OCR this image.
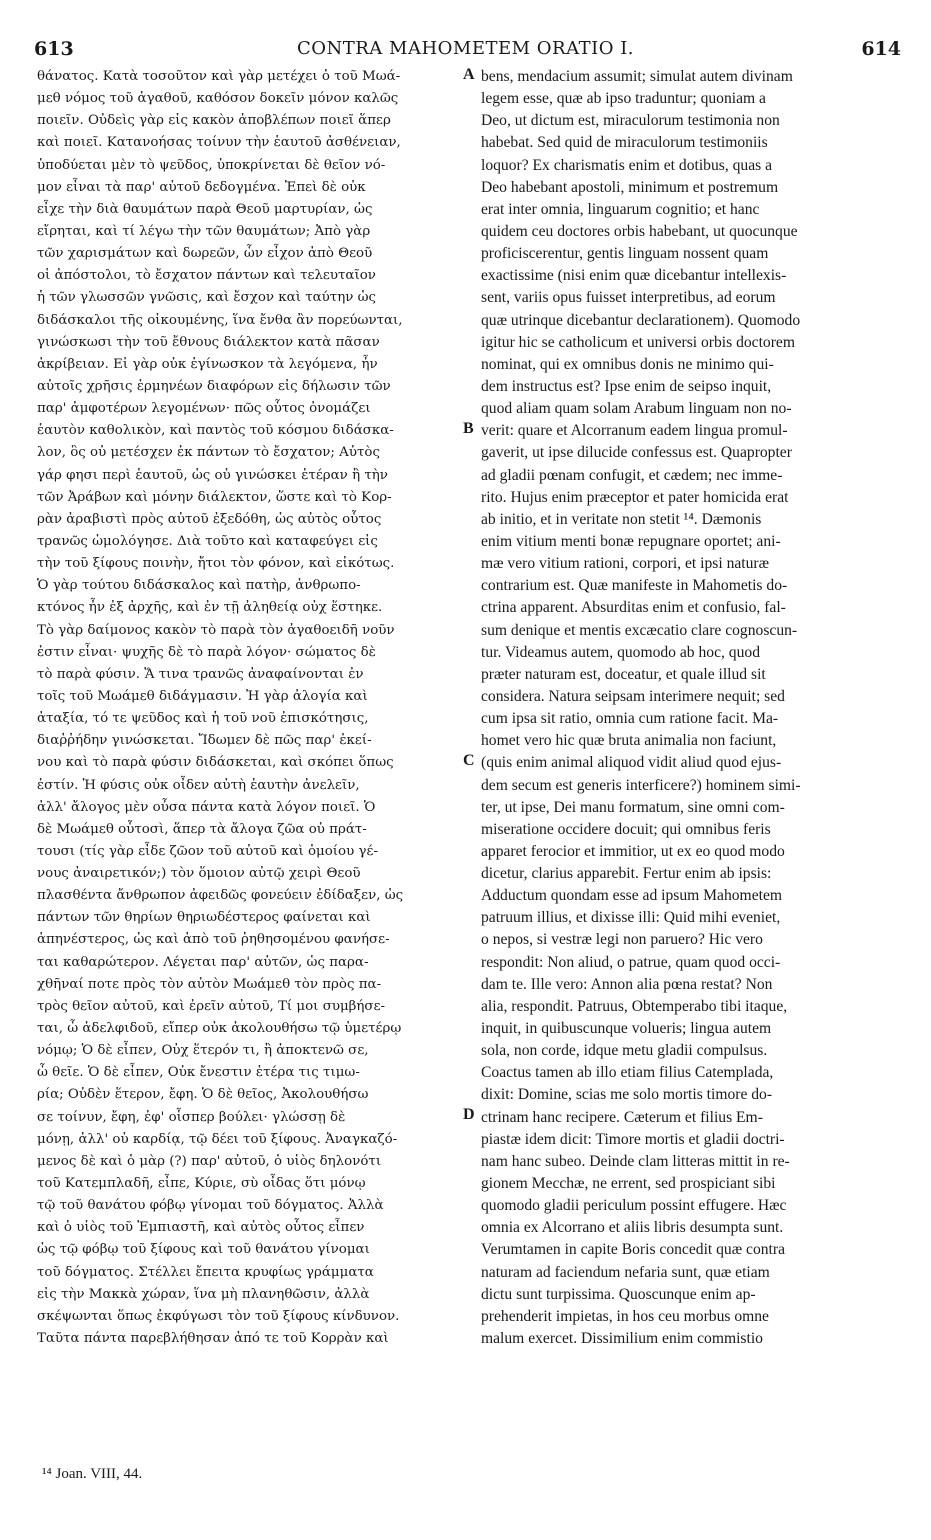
613	CONTRA MAHOMETEM ORATIO I.	614
θάνατος. Κατὰ τοσοῦτον καὶ γὰρ μετέχει ὁ τοῦ Μωά-
μεθ νόμος τοῦ ἀγαθοῦ, καθόσον δοκεῖν μόνον καλῶς
ποιεῖν. Οὐδεὶς γὰρ εἰς κακὸν ἀποβλέπων ποιεῖ ἅπερ
καὶ ποιεῖ. Κατανοήσας τοίνυν τὴν ἑαυτοῦ ἀσθένειαν,
ὑποδύεται μὲν τὸ ψεῦδος, ὑποκρίνεται δὲ θεῖον νό-
μον εἶναι τὰ παρ' αὐτοῦ δεδογμένα. Ἐπεὶ δὲ οὐκ
εἶχε τὴν διὰ θαυμάτων παρὰ Θεοῦ μαρτυρίαν, ὡς
εἴρηται, καὶ τί λέγω τὴν τῶν θαυμάτων; Ἀπὸ γὰρ
τῶν χαρισμάτων καὶ δωρεῶν, ὧν εἶχον ἀπὸ Θεοῦ
οἱ ἀπόστολοι, τὸ ἔσχατον πάντων καὶ τελευταῖον
ἡ τῶν γλωσσῶν γνῶσις, καὶ ἔσχον καὶ ταύτην ὡς
διδάσκαλοι τῆς οἰκουμένης, ἵνα ἔνθα ἂν πορεύωνται,
γινώσκωσι τὴν τοῦ ἔθνους διάλεκτον κατὰ πᾶσαν
ἀκρίβειαν. Εἰ γὰρ οὐκ ἐγίνωσκον τὰ λεγόμενα, ἦν
αὐτοῖς χρῆσις ἑρμηνέων διαφόρων εἰς δήλωσιν τῶν
παρ' ἀμφοτέρων λεγομένων· πῶς οὗτος ὀνομάζει
ἑαυτὸν καθολικὸν, καὶ παντὸς τοῦ κόσμου διδάσκα-
λον, ὃς οὐ μετέσχεν ἐκ πάντων τὸ ἔσχατον; Αὐτὸς
γάρ φησι περὶ ἑαυτοῦ, ὡς οὐ γινώσκει ἑτέραν ἢ τὴν
τῶν Ἀράβων καὶ μόνην διάλεκτον, ὥστε καὶ τὸ Κορ-
ρὰν ἀραβιστὶ πρὸς αὐτοῦ ἐξεδόθη, ὡς αὐτὸς οὗτος
τρανῶς ὡμολόγησε. Διὰ τοῦτο καὶ καταφεύγει εἰς
τὴν τοῦ ξίφους ποινὴν, ἤτοι τὸν φόνον, καὶ εἰκότως.
Ὁ γὰρ τούτου διδάσκαλος καὶ πατὴρ, ἀνθρωπο-
κτόνος ἦν ἐξ ἀρχῆς, καὶ ἐν τῇ ἀληθείᾳ οὐχ ἕστηκε.
Τὸ γὰρ δαίμονος κακὸν τὸ παρὰ τὸν ἀγαθοειδῆ νοῦν
ἐστιν εἶναι· ψυχῆς δὲ τὸ παρὰ λόγον· σώματος δὲ
τὸ παρὰ φύσιν. Ἅ τινα τρανῶς ἀναφαίνονται ἐν
τοῖς τοῦ Μωάμεθ διδάγμασιν. Ἡ γὰρ ἀλογία καὶ
ἀταξία, τό τε ψεῦδος καὶ ἡ τοῦ νοῦ ἐπισκότησις,
διαῤῥήδην γινώσκεται. Ἴδωμεν δὲ πῶς παρ' ἐκεί-
νου καὶ τὸ παρὰ φύσιν διδάσκεται, καὶ σκόπει ὅπως
ἐστίν. Ἡ φύσις οὐκ οἶδεν αὐτὴ ἑαυτὴν ἀνελεῖν,
ἀλλ' ἄλογος μὲν οὖσα πάντα κατὰ λόγον ποιεῖ. Ὁ
δὲ Μωάμεθ οὗτοσὶ, ἅπερ τὰ ἄλογα ζῶα οὐ πράτ-
τουσι (τίς γὰρ εἶδε ζῶον τοῦ αὐτοῦ καὶ ὁμοίου γέ-
νους ἀναιρετικόν;) τὸν ὅμοιον αὐτῷ χειρὶ Θεοῦ
πλασθέντα ἄνθρωπον ἀφειδῶς φονεύειν ἐδίδαξεν, ὡς
πάντων τῶν θηρίων θηριωδέστερος φαίνεται καὶ
ἀπηνέστερος, ὡς καὶ ἀπὸ τοῦ ῥηθησομένου φανήσε-
ται καθαρώτερον. Λέγεται παρ' αὐτῶν, ὡς παρα-
χθῆναί ποτε πρὸς τὸν αὐτὸν Μωάμεθ τὸν πρὸς πα-
τρὸς θεῖον αὐτοῦ, καὶ ἐρεῖν αὐτοῦ, Τί μοι συμβήσε-
ται, ὦ ἀδελφιδοῦ, εἴπερ οὐκ ἀκολουθήσω τῷ ὑμετέρῳ
νόμῳ; Ὁ δὲ εἶπεν, Οὐχ ἕτερόν τι, ἢ ἀποκτενῶ σε,
ὦ θεῖε. Ὁ δὲ εἶπεν, Οὐκ ἔνεστιν ἑτέρα τις τιμω-
ρία; Οὐδὲν ἕτερον, ἔφη. Ὁ δὲ θεῖος, Ἀκολουθήσω
σε τοίνυν, ἔφη, ἐφ' οἷσπερ βούλει· γλώσσῃ δὲ
μόνῃ, ἀλλ' οὐ καρδίᾳ, τῷ δέει τοῦ ξίφους. Ἀναγκαζό-
μενος δὲ καὶ ὁ μὰρ (?) παρ' αὐτοῦ, ὁ υἱὸς δηλονότι
τοῦ Κατεμπλαδῆ, εἶπε, Κύριε, σὺ οἶδας ὅτι μόνῳ
τῷ τοῦ θανάτου φόβῳ γίνομαι τοῦ δόγματος. Ἀλλὰ
καὶ ὁ υἱὸς τοῦ Ἐμπιαστῆ, καὶ αὐτὸς οὗτος εἶπεν
ὡς τῷ φόβῳ τοῦ ξίφους καὶ τοῦ θανάτου γίνομαι
τοῦ δόγματος. Στέλλει ἔπειτα κρυφίως γράμματα
εἰς τὴν Μακκὰ χώραν, ἵνα μὴ πλανηθῶσιν, ἀλλὰ
σκέψωνται ὅπως ἐκφύγωσι τὸν τοῦ ξίφους κίνδυνον.
Ταῦτα πάντα παρεβλήθησαν ἀπό τε τοῦ Κορρὰν καὶ
A
B
C
D
bens, mendacium assumit; simulat autem divinam
legem esse, quæ ab ipso traduntur; quoniam a
Deo, ut dictum est, miraculorum testimonia non
habebat. Sed quid de miraculorum testimoniis
loquor? Ex charismatis enim et dotibus, quas a
Deo habebant apostoli, minimum et postremum
erat inter omnia, linguarum cognitio; et hanc
quidem ceu doctores orbis habebant, ut quocunque
proficiscerentur, gentis linguam nossent quam
exactissime (nisi enim quæ dicebantur intellexis-
sent, variis opus fuisset interpretibus, ad eorum
quæ utrinque dicebantur declarationem). Quomodo
igitur hic se catholicum et universi orbis doctorem
nominat, qui ex omnibus donis ne minimo qui-
dem instructus est? Ipse enim de seipso inquit,
quod aliam quam solam Arabum linguam non no-
verit: quare et Alcorranum eadem lingua promul-
gaverit, ut ipse dilucide confessus est. Quapropter
ad gladii pœnam confugit, et cædem; nec imme-
rito. Hujus enim præceptor et pater homicida erat
ab initio, et in veritate non stetit ¹⁴. Dæmonis
enim vitium menti bonæ repugnare oportet; ani-
mæ vero vitium rationi, corpori, et ipsi naturæ
contrarium est. Quæ manifeste in Mahometis do-
ctrina apparent. Absurditas enim et confusio, fal-
sum denique et mentis excæcatio clare cognoscun-
tur. Videamus autem, quomodo ab hoc, quod
præter naturam est, doceatur, et quale illud sit
considera. Natura seipsam interimere nequit; sed
cum ipsa sit ratio, omnia cum ratione facit. Ma-
homet vero hic quæ bruta animalia non faciunt,
(quis enim animal aliquod vidit aliud quod ejus-
dem secum est generis interficere?) hominem simi-
ter, ut ipse, Dei manu formatum, sine omni com-
miseratione occidere docuit; qui omnibus feris
apparet ferocior et immitior, ut ex eo quod modo
dicetur, clarius apparebit. Fertur enim ab ipsis:
Adductum quondam esse ad ipsum Mahometem
patruum illius, et dixisse illi: Quid mihi eveniet,
o nepos, si vestræ legi non paruero? Hic vero
respondit: Non aliud, o patrue, quam quod occi-
dam te. Ille vero: Annon alia pœna restat? Non
alia, respondit. Patruus, Obtemperabo tibi itaque,
inquit, in quibuscunque volueris; lingua autem
sola, non corde, idque metu gladii compulsus.
Coactus tamen ab illo etiam filius Catemplada,
dixit: Domine, scias me solo mortis timore do-
ctrinam hanc recipere. Cæterum et filius Em-
piastæ idem dicit: Timore mortis et gladii doctri-
nam hanc subeo. Deinde clam litteras mittit in re-
gionem Mecchæ, ne errent, sed prospiciant sibi
quomodo gladii periculum possint effugere. Hæc
omnia ex Alcorrano et aliis libris desumpta sunt.
Verumtamen in capite Boris concedit quæ contra
naturam ad faciendum nefaria sunt, quæ etiam
dictu sunt turpissima. Quoscunque enim ap-
prehenderit impietas, in hos ceu morbus omne
malum exercet. Dissimilium enim commistio
¹⁴ Joan. VIII, 44.
